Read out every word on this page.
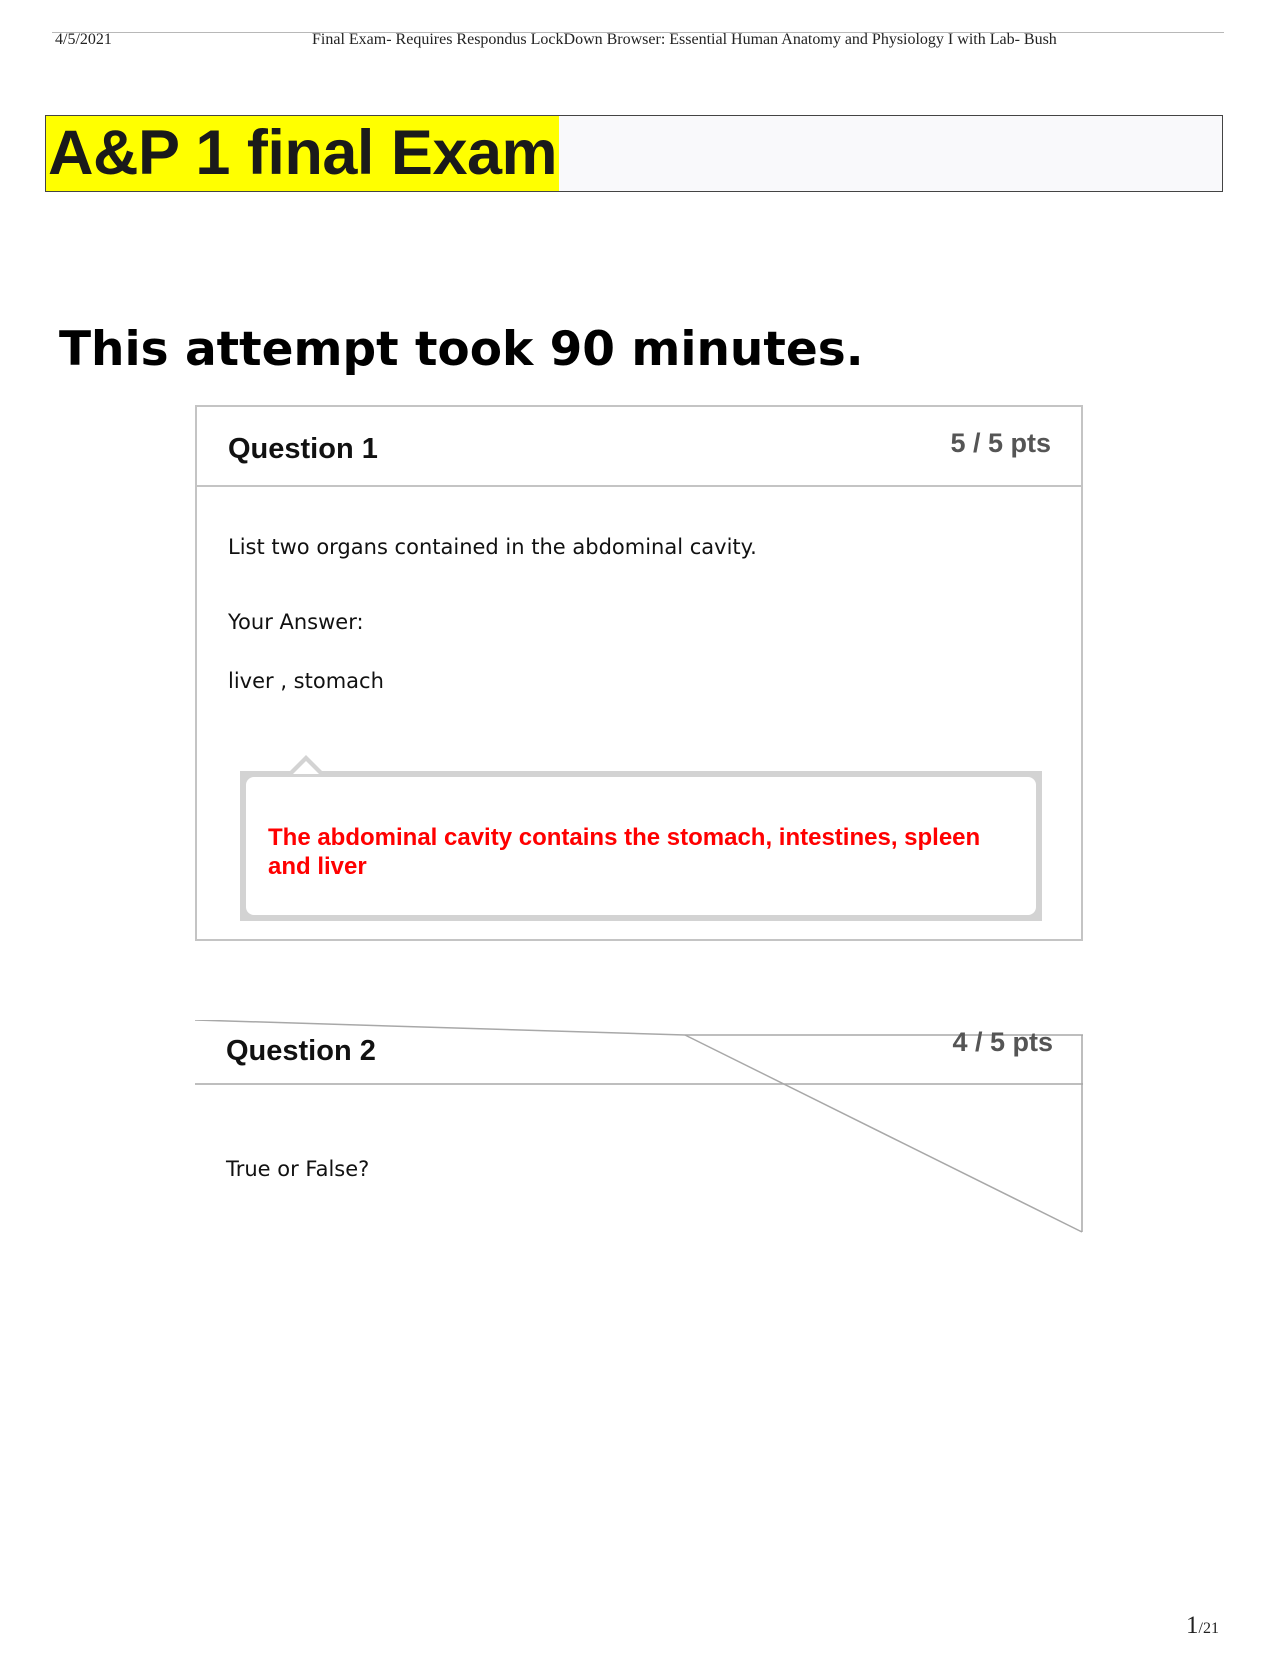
4/5/2021	Final Exam- Requires Respondus LockDown Browser: Essential Human Anatomy and Physiology I with Lab- Bush
A&P 1 final Exam
This attempt took 90 minutes.
Question 1	5 / 5 pts
List two organs contained in the abdominal cavity.
Your Answer:
liver , stomach
The abdominal cavity contains the stomach, intestines, spleen and liver
Question 2	4 / 5 pts
True or False?
1/21
